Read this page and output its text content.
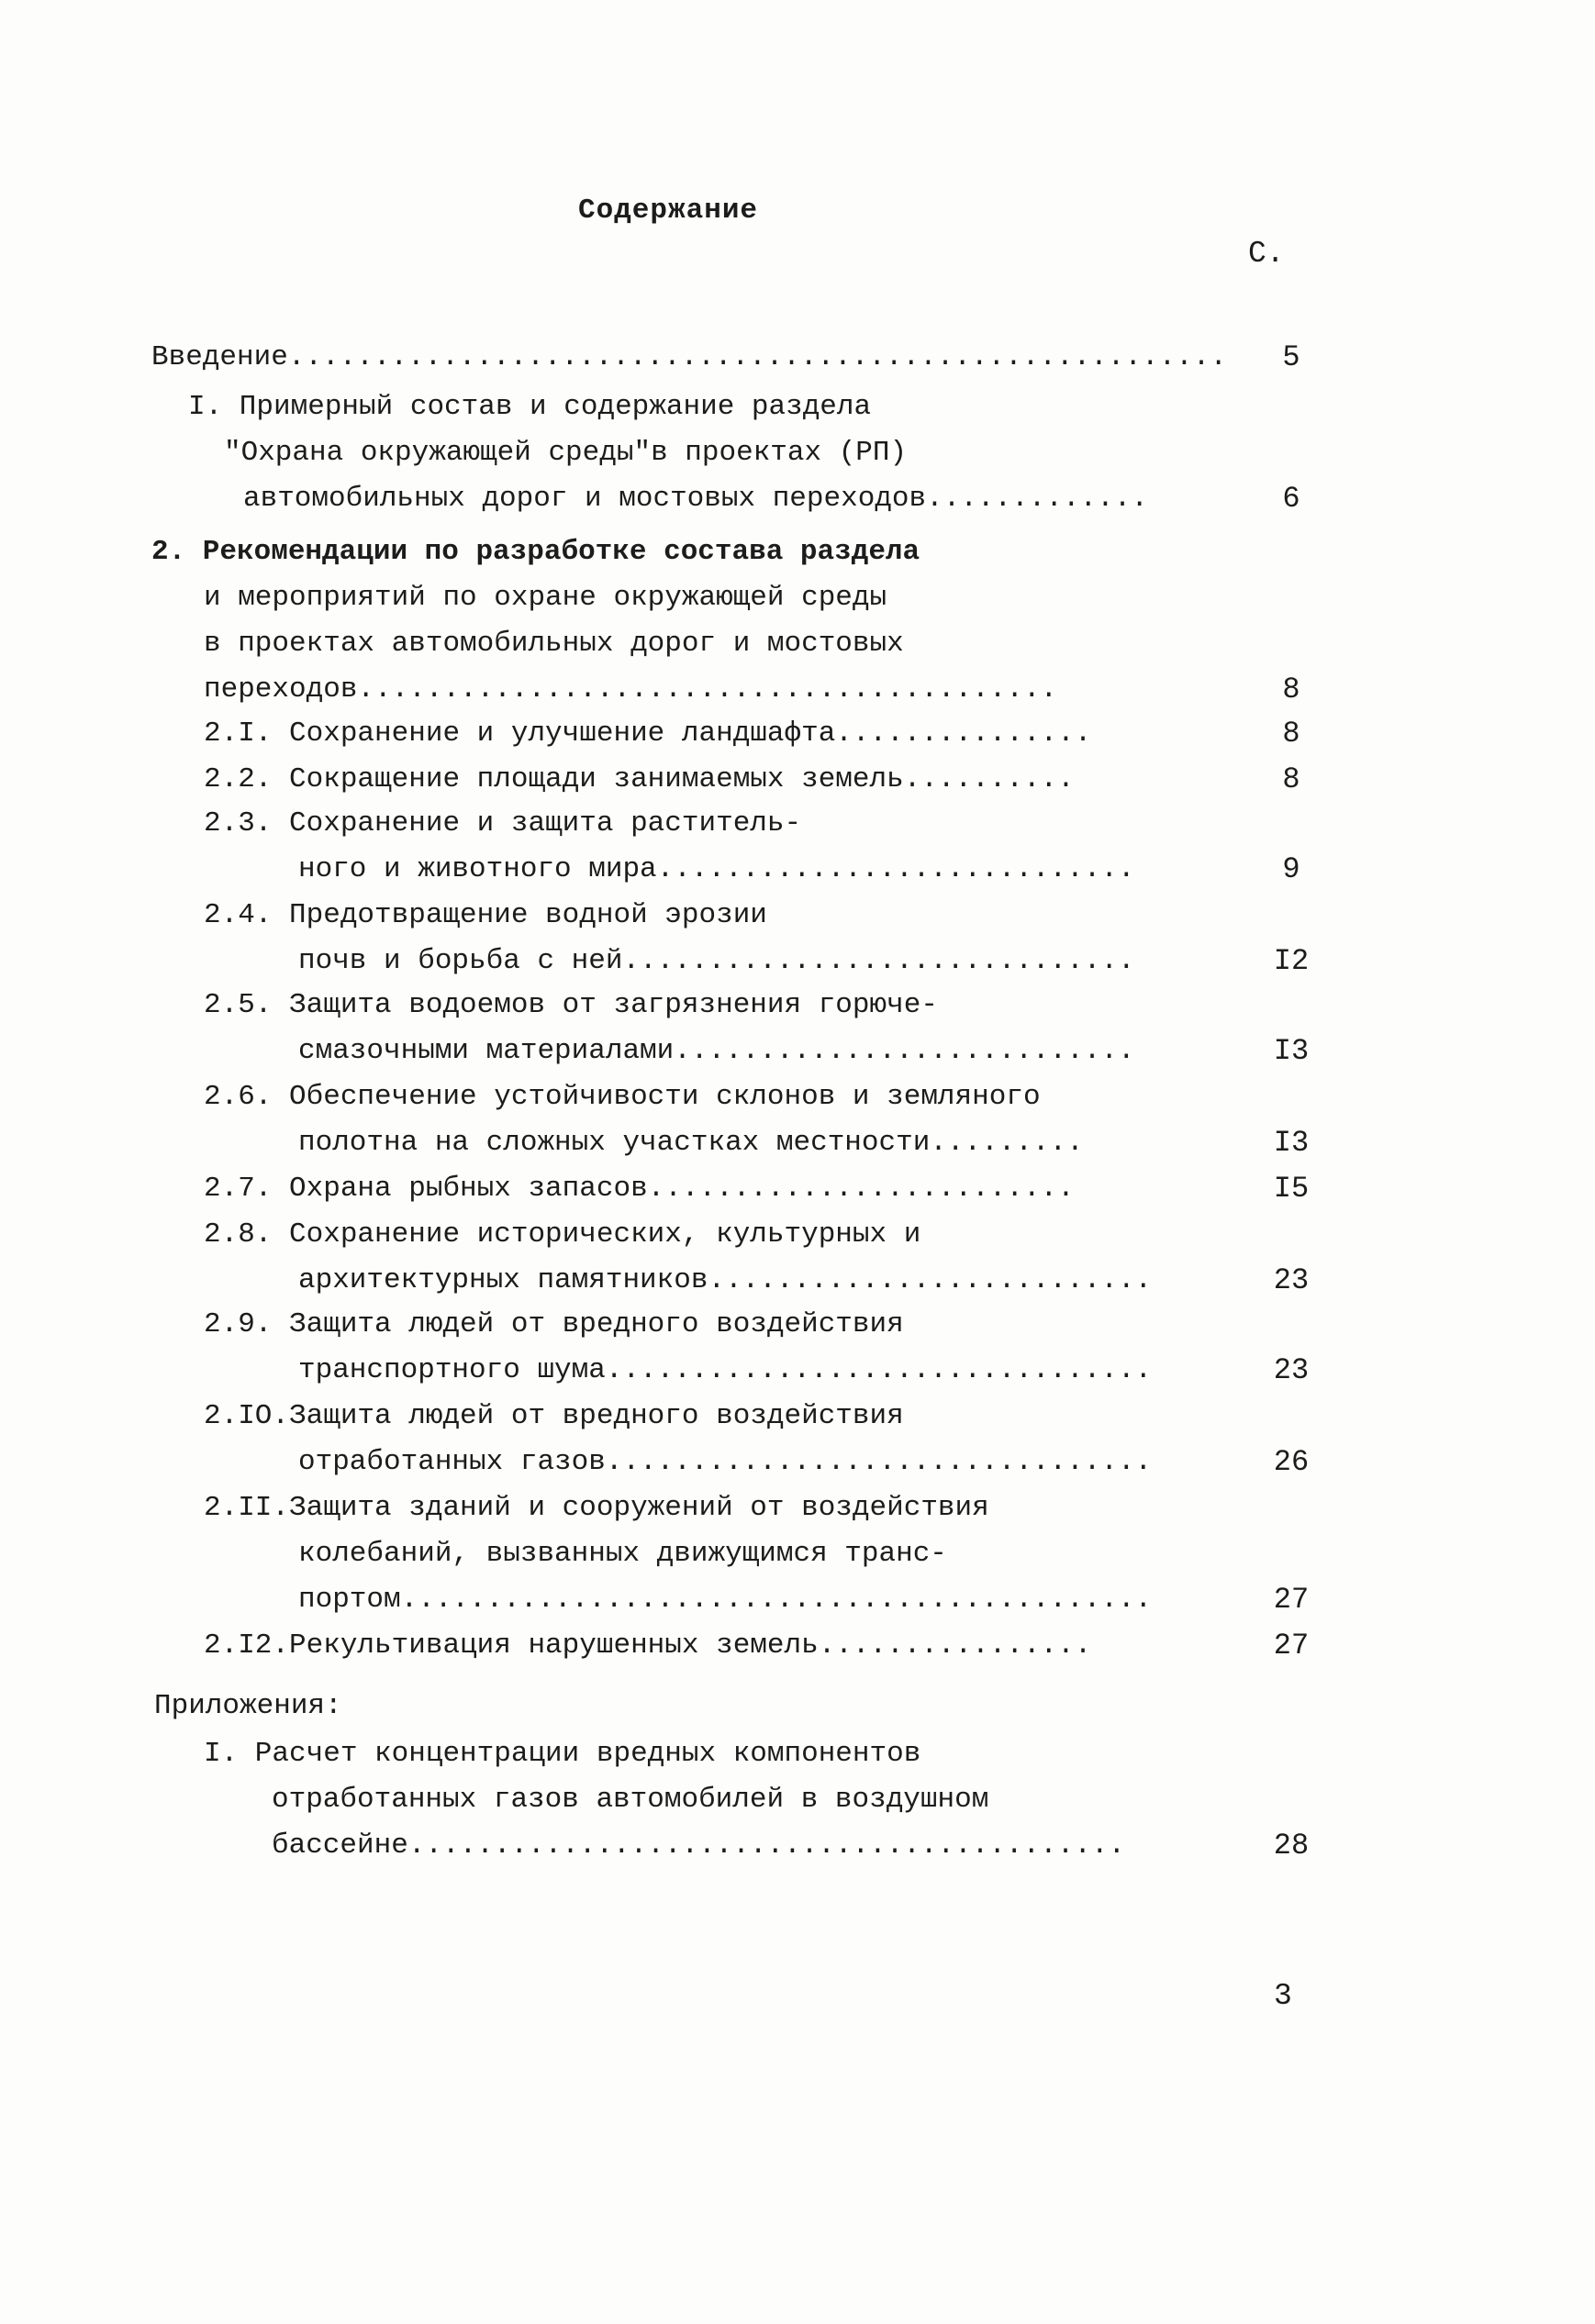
Содержание
С.
Введение.......................................................	5
I. Примерный состав и содержание раздела
"Охрана окружающей среды"в проектах (РП)
автомобильных дорог и мостовых переходов.............	6
2. Рекомендации по разработке состава раздела
и мероприятий по охране окружающей среды
в проектах автомобильных дорог и мостовых
переходов.........................................	8
2.I. Сохранение и улучшение ландшафта...............	8
2.2. Сокращение площади занимаемых земель..........	8
2.3. Сохранение и защита раститель-
ного и животного мира............................	9
2.4. Предотвращение водной эрозии
почв и борьба с ней..............................	I2
2.5. Защита водоемов от загрязнения горюче-
смазочными материалами...........................	I3
2.6. Обеспечение устойчивости склонов и земляного
полотна на сложных участках местности.........	I3
2.7. Охрана рыбных запасов.........................	I5
2.8. Сохранение исторических, культурных и
архитектурных памятников..........................	23
2.9. Защита людей от вредного воздействия
транспортного шума................................	23
2.IO.Защита людей от вредного воздействия
отработанных газов................................	26
2.II.Защита зданий и сооружений от воздействия
колебаний, вызванных движущимся транс-
портом............................................	27
2.I2.Рекультивация нарушенных земель................	27
Приложения:
I. Расчет концентрации вредных компонентов
отработанных газов автомобилей в воздушном
бассейне..........................................	28
3
